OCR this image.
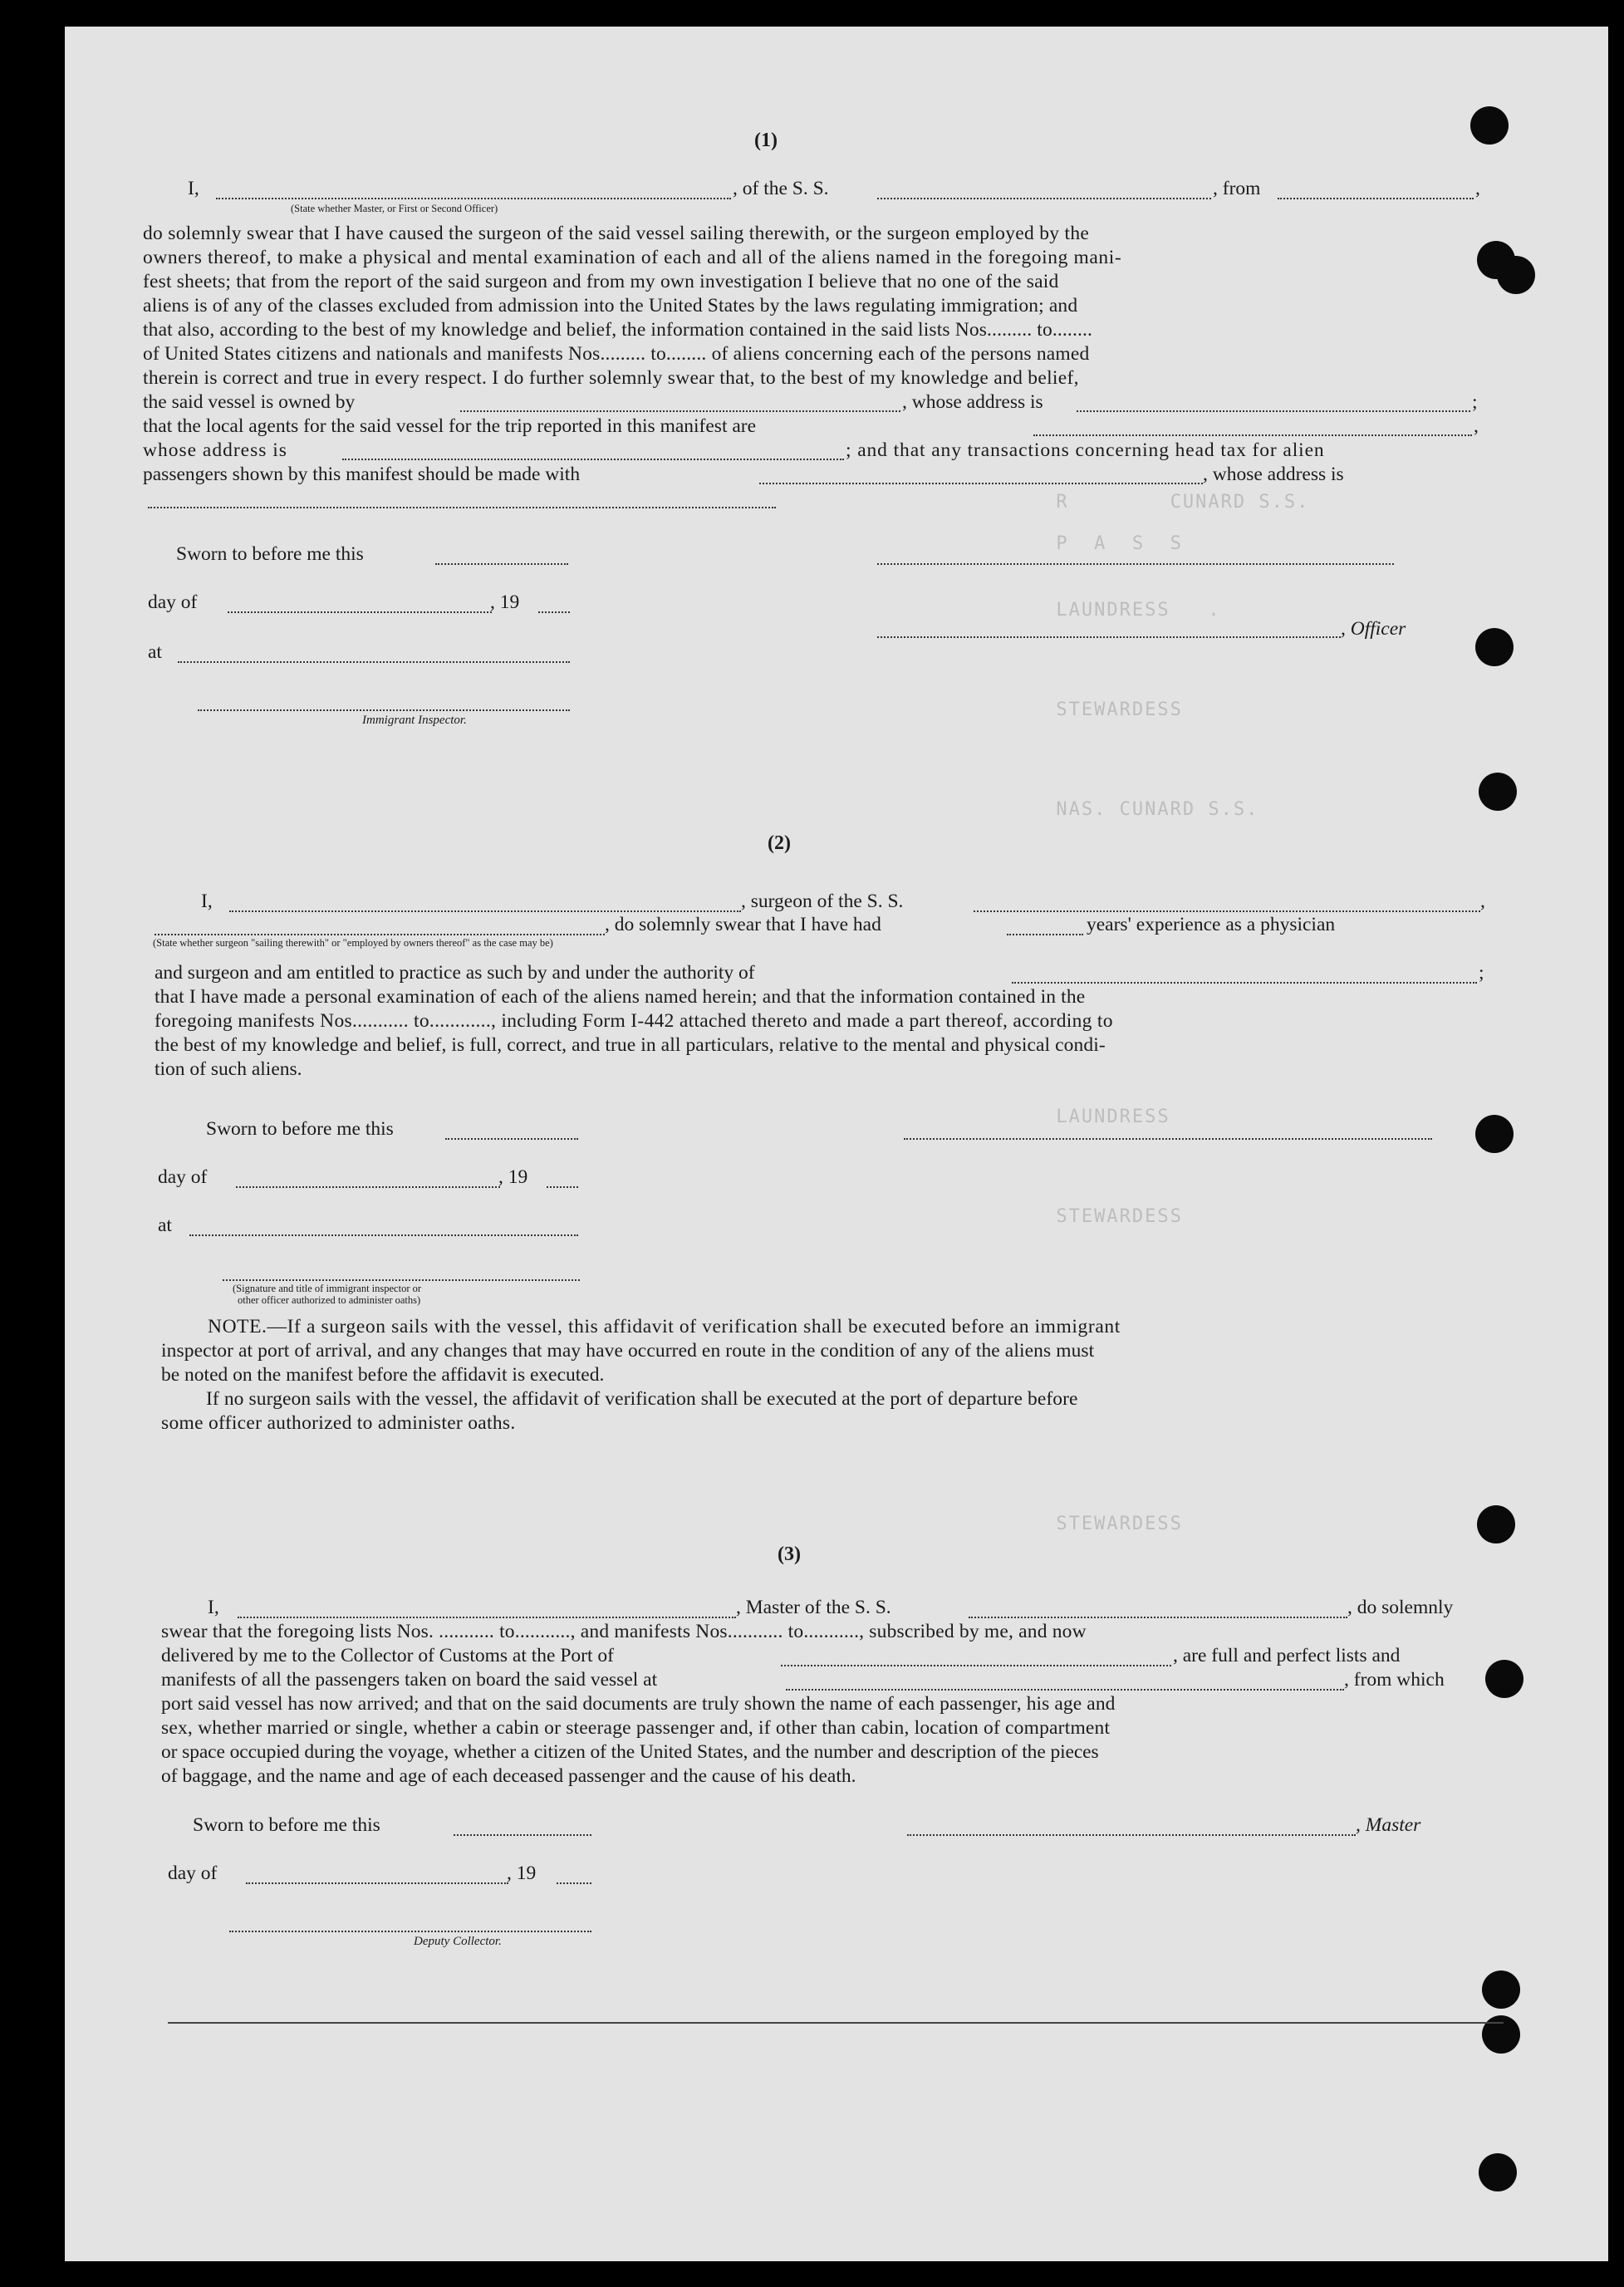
R        CUNARD S.S.
P  A  S  S
LAUNDRESS   .
STEWARDESS
NAS. CUNARD S.S.
LAUNDRESS
STEWARDESS
STEWARDESS
(1)
I,	, of the S. S.	, from	,
(State whether Master, or First or Second Officer)
do solemnly swear that I have caused the surgeon of the said vessel sailing therewith, or the surgeon employed by the
owners thereof, to make a physical and mental examination of each and all of the aliens named in the foregoing mani-
fest sheets; that from the report of the said surgeon and from my own investigation I believe that no one of the said
aliens is of any of the classes excluded from admission into the United States by the laws regulating immigration; and
that also, according to the best of my knowledge and belief, the information contained in the said lists Nos......... to........
of United States citizens and nationals and manifests Nos......... to........ of aliens concerning each of the persons named
therein is correct and true in every respect. I do further solemnly swear that, to the best of my knowledge and belief,
the said vessel is owned by	, whose address is	;
that the local agents for the said vessel for the trip reported in this manifest are	,
whose address is	; and that any transactions concerning head tax for alien
passengers shown by this manifest should be made with	, whose address is
Sworn to before me this
day of	, 19
, Officer
at
Immigrant Inspector.
(2)
I,	, surgeon of the S. S.	,
, do solemnly swear that I have had	years' experience as a physician
(State whether surgeon "sailing therewith" or "employed by owners thereof" as the case may be)
and surgeon and am entitled to practice as such by and under the authority of	;
that I have made a personal examination of each of the aliens named herein; and that the information contained in the
foregoing manifests Nos........... to............, including Form I-442 attached thereto and made a part thereof, according to
the best of my knowledge and belief, is full, correct, and true in all particulars, relative to the mental and physical condi-
tion of such aliens.
Sworn to before me this
day of	, 19
at
(Signature and title of immigrant inspector or
other officer authorized to administer oaths)
NOTE.—If a surgeon sails with the vessel, this affidavit of verification shall be executed before an immigrant
inspector at port of arrival, and any changes that may have occurred en route in the condition of any of the aliens must
be noted on the manifest before the affidavit is executed.
If no surgeon sails with the vessel, the affidavit of verification shall be executed at the port of departure before
some officer authorized to administer oaths.
(3)
I,	, Master of the S. S.	, do solemnly
swear that the foregoing lists Nos. ........... to..........., and manifests Nos........... to..........., subscribed by me, and now
delivered by me to the Collector of Customs at the Port of	, are full and perfect lists and
manifests of all the passengers taken on board the said vessel at	, from which
port said vessel has now arrived; and that on the said documents are truly shown the name of each passenger, his age and
sex, whether married or single, whether a cabin or steerage passenger and, if other than cabin, location of compartment
or space occupied during the voyage, whether a citizen of the United States, and the number and description of the pieces
of baggage, and the name and age of each deceased passenger and the cause of his death.
Sworn to before me this	, Master
day of	, 19
Deputy Collector.
